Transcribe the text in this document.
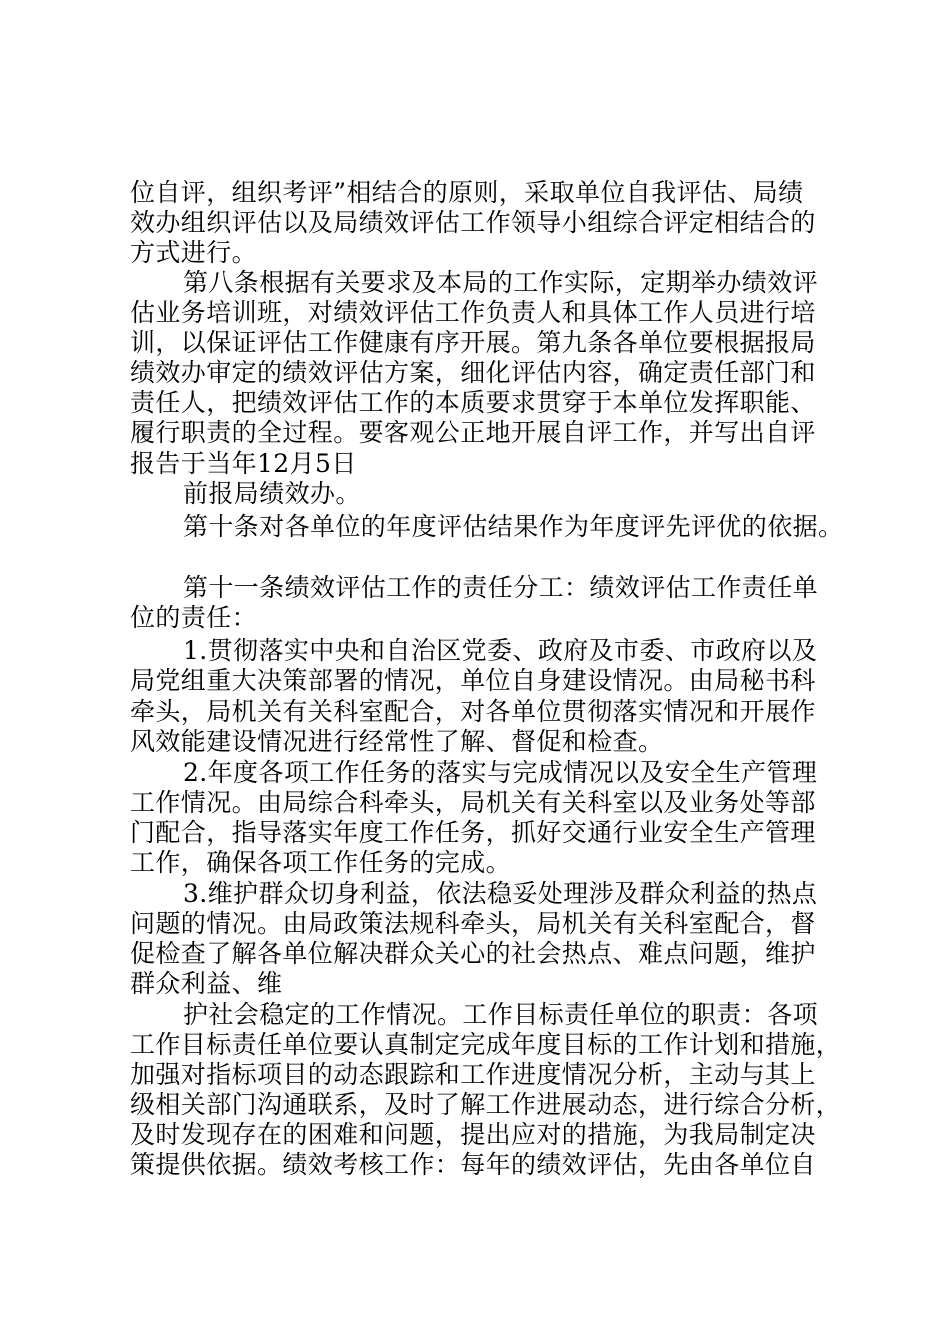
位自评，组织考评”相结合的原则，采取单位自我评估、局绩
效办组织评估以及局绩效评估工作领导小组综合评定相结合的
方式进行。
第八条根据有关要求及本局的工作实际，定期举办绩效评
估业务培训班，对绩效评估工作负责人和具体工作人员进行培
训，以保证评估工作健康有序开展。第九条各单位要根据报局
绩效办审定的绩效评估方案，细化评估内容，确定责任部门和
责任人，把绩效评估工作的本质要求贯穿于本单位发挥职能、
履行职责的全过程。要客观公正地开展自评工作，并写出自评
报告于当年12月5日
前报局绩效办。
第十条对各单位的年度评估结果作为年度评先评优的依据。
第十一条绩效评估工作的责任分工：绩效评估工作责任单
位的责任：
1.贯彻落实中央和自治区党委、政府及市委、市政府以及
局党组重大决策部署的情况，单位自身建设情况。由局秘书科
牵头，局机关有关科室配合，对各单位贯彻落实情况和开展作
风效能建设情况进行经常性了解、督促和检查。
2.年度各项工作任务的落实与完成情况以及安全生产管理
工作情况。由局综合科牵头，局机关有关科室以及业务处等部
门配合，指导落实年度工作任务，抓好交通行业安全生产管理
工作，确保各项工作任务的完成。
3.维护群众切身利益，依法稳妥处理涉及群众利益的热点
问题的情况。由局政策法规科牵头，局机关有关科室配合，督
促检查了解各单位解决群众关心的社会热点、难点问题，维护
群众利益、维
护社会稳定的工作情况。工作目标责任单位的职责：各项
工作目标责任单位要认真制定完成年度目标的工作计划和措施，
加强对指标项目的动态跟踪和工作进度情况分析，主动与其上
级相关部门沟通联系，及时了解工作进展动态，进行综合分析，
及时发现存在的困难和问题，提出应对的措施，为我局制定决
策提供依据。绩效考核工作：每年的绩效评估，先由各单位自
